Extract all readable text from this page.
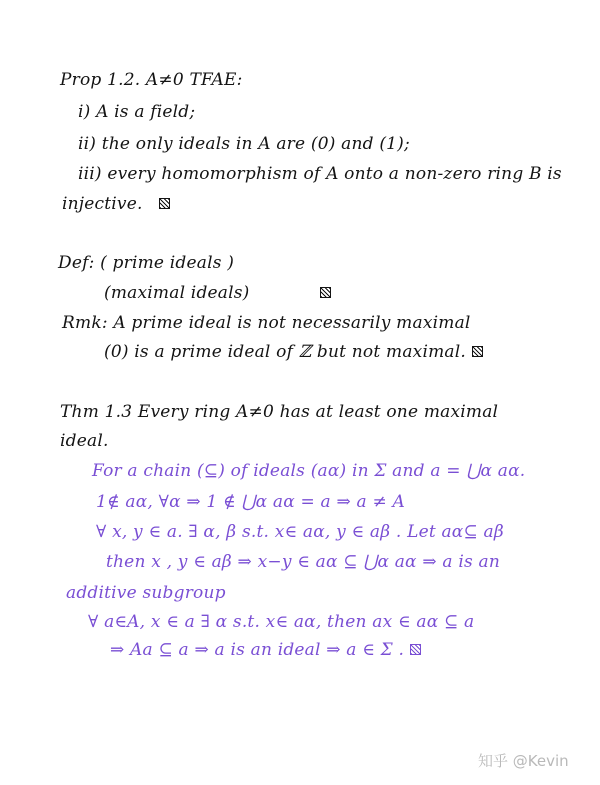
Prop 1.2. A≠0 TFAE:
i) A is a field;
ii) the only ideals in A are (0) and (1);
iii) every homomorphism of A onto a non-zero ring B is
injective.
Def: ( prime ideals )
(maximal ideals)
Rmk: A prime ideal is not necessarily maximal
(0) is a prime ideal of ℤ but not maximal.
Thm 1.3 Every ring A≠0 has at least one maximal
ideal.
For a chain (⊆) of ideals (aα) in Σ and a = ⋃α aα.
1∉ aα, ∀α ⇒ 1 ∉ ⋃α aα = a ⇒ a ≠ A
∀ x, y ∈ a. ∃ α, β s.t. x∈ aα, y ∈ aβ . Let aα⊆ aβ
then x , y ∈ aβ ⇒ x−y ∈ aα ⊆ ⋃α aα ⇒ a is an
additive subgroup
∀ a∈A, x ∈ a ∃ α s.t. x∈ aα, then ax ∈ aα ⊆ a
⇒ Aa ⊆ a ⇒ a is an ideal ⇒ a ∈ Σ .
知乎 @Kevin
